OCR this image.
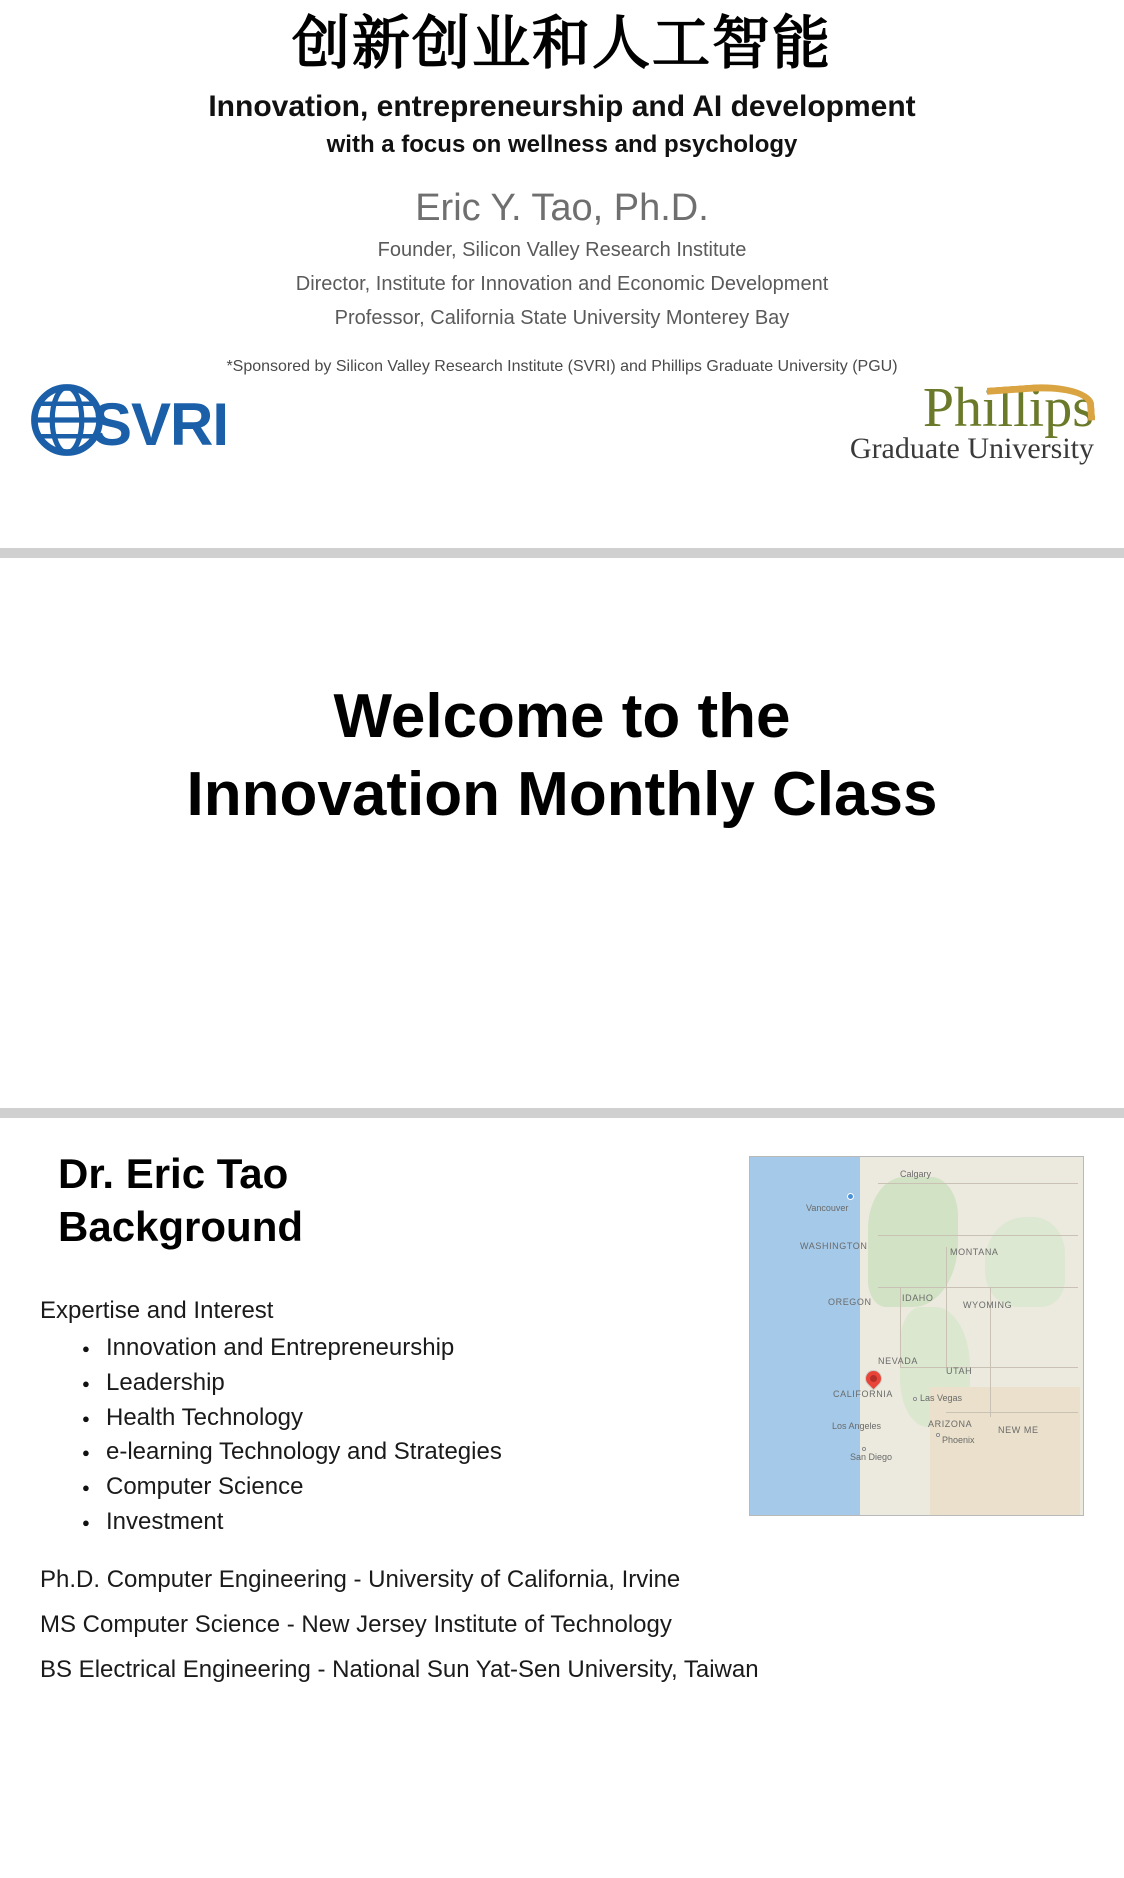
创新创业和人工智能
Innovation, entrepreneurship and AI development
with a focus on wellness and psychology
Eric Y. Tao, Ph.D.
Founder, Silicon Valley Research Institute
Director, Institute for Innovation and Economic Development
Professor, California State University Monterey Bay
*Sponsored by Silicon Valley Research Institute (SVRI) and Phillips Graduate University (PGU)
SVRI	Phillips
Graduate University
Welcome to the
Innovation Monthly Class
Dr. Eric Tao
Background
Expertise and Interest
● Innovation and Entrepreneurship
● Leadership
● Health Technology
● e-learning Technology and Strategies
● Computer Science
● Investment
Calgary
Vancouver
WASHINGTON
MONTANA
OREGON	IDAHO
WYOMING
NEVADA
UTAH
CALIFORNIA	Las Vegas
Los Angeles	ARIZONA
NEW ME
Phoenix
San Diego
Ph.D. Computer Engineering - University of California, Irvine
MS Computer Science - New Jersey Institute of Technology
BS Electrical Engineering - National Sun Yat-Sen University, Taiwan
